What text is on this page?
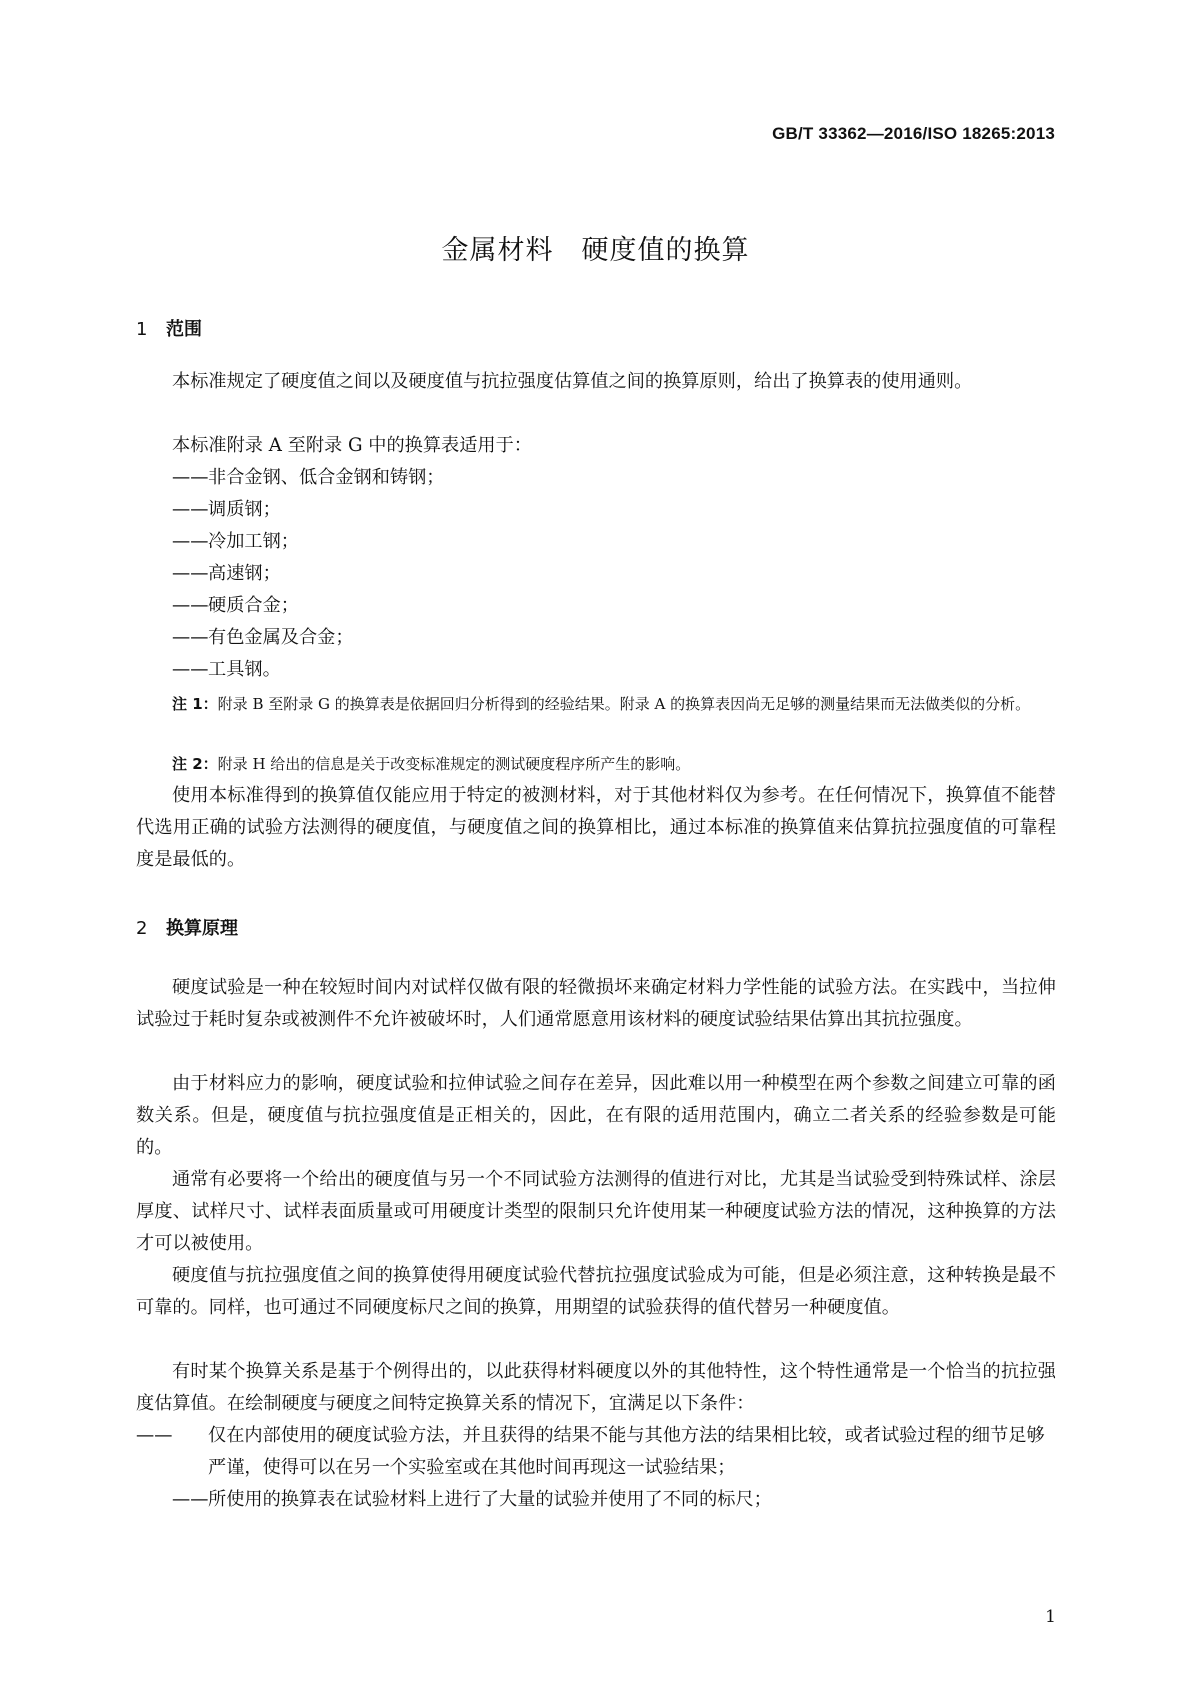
GB/T 33362—2016/ISO 18265:2013
金属材料　硬度值的换算
1 范围

本标准规定了硬度值之间以及硬度值与抗拉强度估算值之间的换算原则，给出了换算表的使用通则。

本标准附录 A 至附录 G 中的换算表适用于：

——非合金钢、低合金钢和铸钢；

——调质钢；

——冷加工钢；

——高速钢；

——硬质合金；

——有色金属及合金；

——工具钢。

注 1：附录 B 至附录 G 的换算表是依据回归分析得到的经验结果。附录 A 的换算表因尚无足够的测量结果而无法做类似的分析。

注 2：附录 H 给出的信息是关于改变标准规定的测试硬度程序所产生的影响。

使用本标准得到的换算值仅能应用于特定的被测材料，对于其他材料仅为参考。在任何情况下，换算值不能替代选用正确的试验方法测得的硬度值，与硬度值之间的换算相比，通过本标准的换算值来估算抗拉强度值的可靠程度是最低的。

2 换算原理

硬度试验是一种在较短时间内对试样仅做有限的轻微损坏来确定材料力学性能的试验方法。在实践中，当拉伸试验过于耗时复杂或被测件不允许被破坏时，人们通常愿意用该材料的硬度试验结果估算出其抗拉强度。

由于材料应力的影响，硬度试验和拉伸试验之间存在差异，因此难以用一种模型在两个参数之间建立可靠的函数关系。但是，硬度值与抗拉强度值是正相关的，因此，在有限的适用范围内，确立二者关系的经验参数是可能的。

通常有必要将一个给出的硬度值与另一个不同试验方法测得的值进行对比，尤其是当试验受到特殊试样、涂层厚度、试样尺寸、试样表面质量或可用硬度计类型的限制只允许使用某一种硬度试验方法的情况，这种换算的方法才可以被使用。

硬度值与抗拉强度值之间的换算使得用硬度试验代替抗拉强度试验成为可能，但是必须注意，这种转换是最不可靠的。同样，也可通过不同硬度标尺之间的换算，用期望的试验获得的值代替另一种硬度值。

有时某个换算关系是基于个例得出的，以此获得材料硬度以外的其他特性，这个特性通常是一个恰当的抗拉强度估算值。在绘制硬度与硬度之间特定换算关系的情况下，宜满足以下条件：

—— 仅在内部使用的硬度试验方法，并且获得的结果不能与其他方法的结果相比较，或者试验过程的细节足够严谨，使得可以在另一个实验室或在其他时间再现这一试验结果；

——所使用的换算表在试验材料上进行了大量的试验并使用了不同的标尺；

1
